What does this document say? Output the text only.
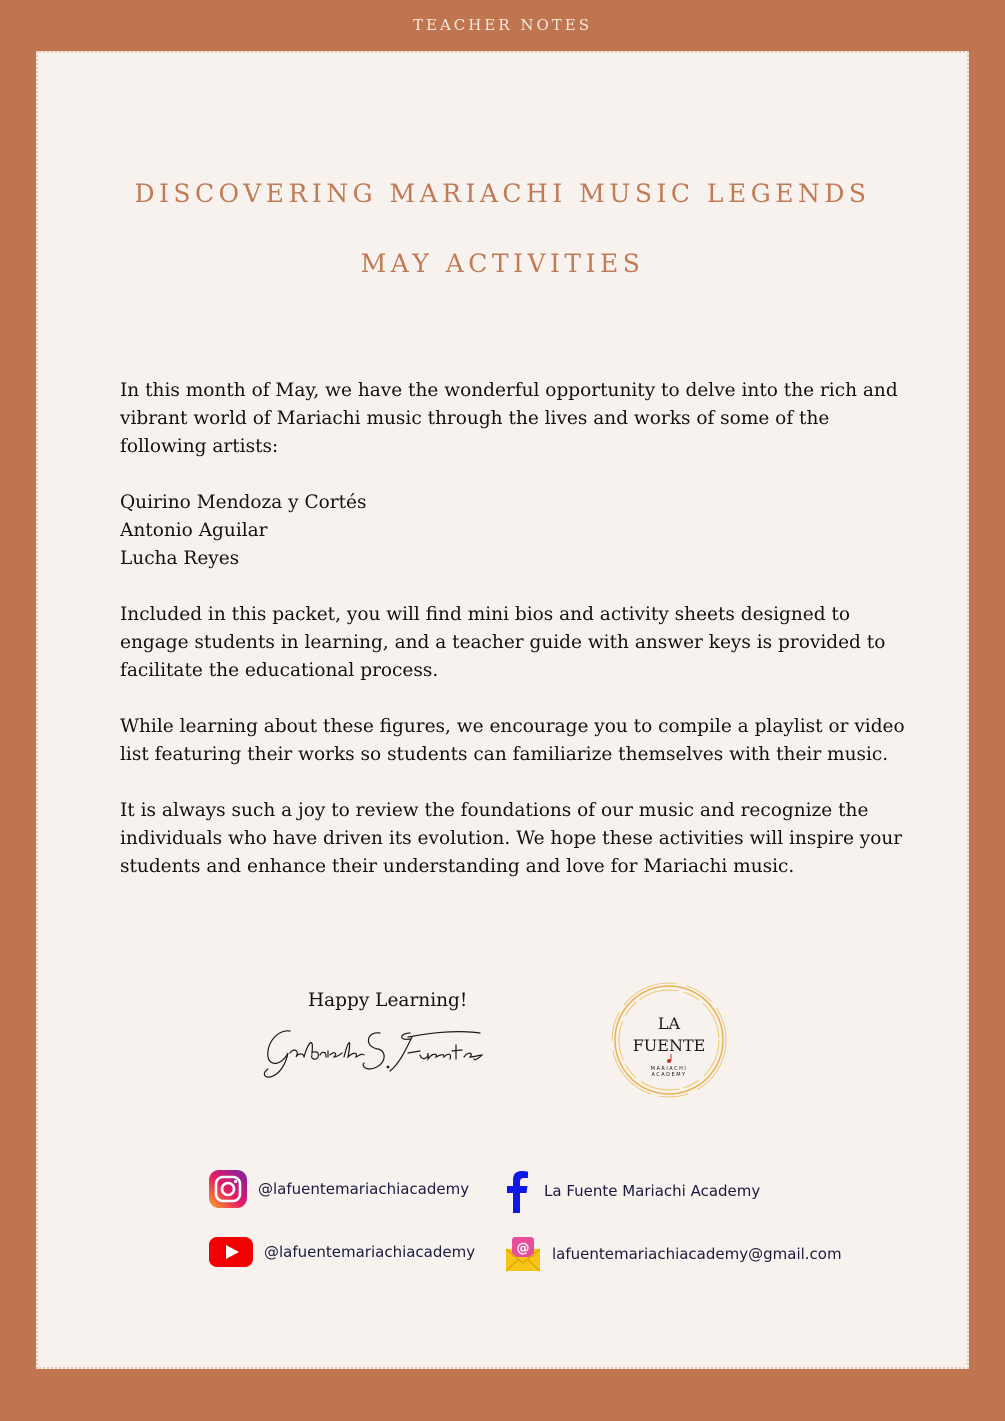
TEACHER NOTES
DISCOVERING MARIACHI MUSIC LEGENDS
MAY ACTIVITIES

In this month of May, we have the wonderful opportunity to delve into the rich and vibrant world of Mariachi music through the lives and works of some of the following artists:

Quirino Mendoza y Cortés
Antonio Aguilar
Lucha Reyes

Included in this packet, you will find mini bios and activity sheets designed to engage students in learning, and a teacher guide with answer keys is provided to facilitate the educational process.

While learning about these figures, we encourage you to compile a playlist or video list featuring their works so students can familiarize themselves with their music.

It is always such a joy to review the foundations of our music and recognize the individuals who have driven its evolution. We hope these activities will inspire your students and enhance their understanding and love for Mariachi music.

Happy Learning!
LA
FUENTE
MARIACHI
ACADEMY
@lafuentemariachiacademy	La Fuente Mariachi Academy
@lafuentemariachiacademy	@ lafuentemariachiacademy@gmail.com
